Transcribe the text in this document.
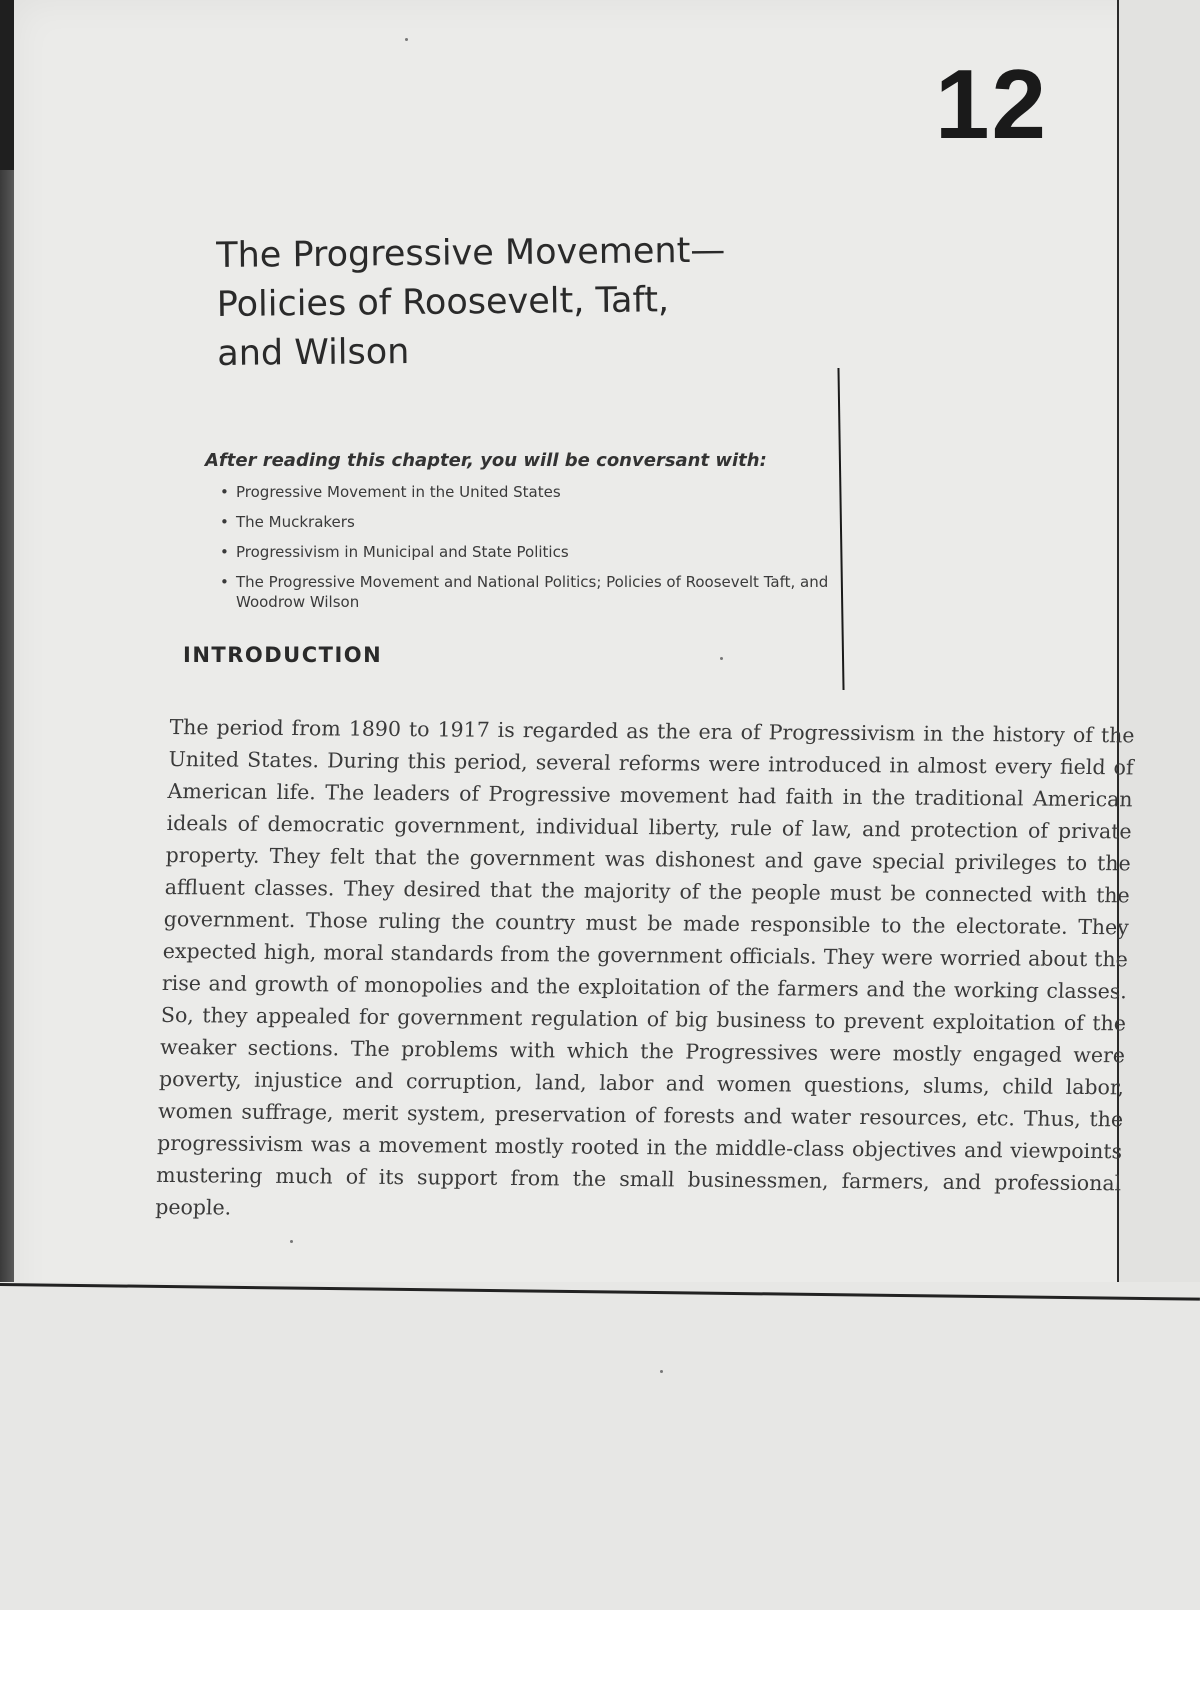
12
The Progressive Movement—
Policies of Roosevelt, Taft,
and Wilson
After reading this chapter, you will be conversant with:
• Progressive Movement in the United States
• The Muckrakers
• Progressivism in Municipal and State Politics
• The Progressive Movement and National Politics; Policies of Roosevelt Taft, and Woodrow Wilson
INTRODUCTION

The period from 1890 to 1917 is regarded as the era of Progressivism in the history of the United States. During this period, several reforms were introduced in almost every field of American life. The leaders of Progressive movement had faith in the traditional American ideals of democratic government, individual liberty, rule of law, and protection of private property. They felt that the government was dishonest and gave special privileges to the affluent classes. They desired that the majority of the people must be connected with the government. Those ruling the country must be made responsible to the electorate. They expected high, moral standards from the government officials. They were worried about the rise and growth of monopolies and the exploitation of the farmers and the working classes. So, they appealed for government regulation of big business to prevent exploitation of the weaker sections. The problems with which the Progressives were mostly engaged were poverty, injustice and corruption, land, labor and women questions, slums, child labor, women suffrage, merit system, preservation of forests and water resources, etc. Thus, the progressivism was a movement mostly rooted in the middle-class objectives and viewpoints mustering much of its support from the small businessmen, farmers, and professional people.
